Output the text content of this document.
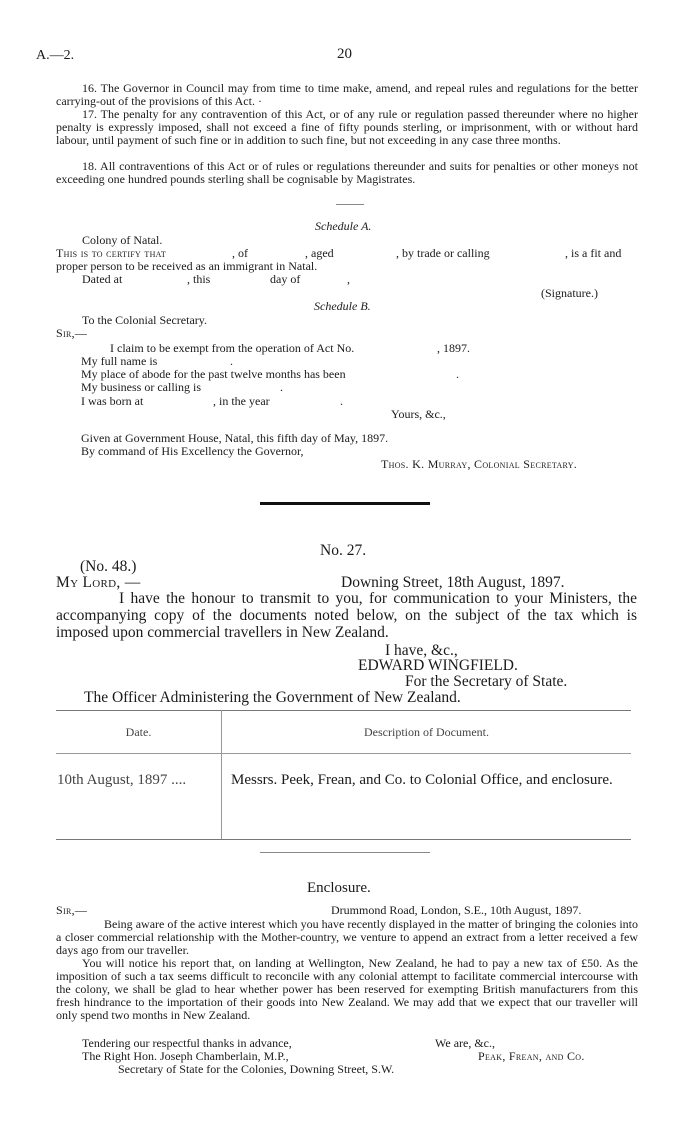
A.—2.	20

16. The Governor in Council may from time to time make, amend, and repeal rules and regulations for the better carrying-out of the provisions of this Act. ·

17. The penalty for any contravention of this Act, or of any rule or regulation passed thereunder where no higher penalty is expressly imposed, shall not exceed a fine of fifty pounds sterling, or imprisonment, with or without hard labour, until payment of such fine or in addition to such fine, but not exceeding in any case three months.

18. All contraventions of this Act or of rules or regulations thereunder and suits for penalties or other moneys not exceeding one hundred pounds sterling shall be cognisable by Magistrates.

Schedule A.
Colony of Natal.
This is to certify that	, of	, aged	, by trade or calling	, is a fit and
proper person to be received as an immigrant in Natal.
Dated at	, this	day of	,
(Signature.)
Schedule B.
To the Colonial Secretary.
Sir,—
I claim to be exempt from the operation of Act No.	, 1897.
My full name is	.
My place of abode for the past twelve months has been	.
My business or calling is	.
I was born at	, in the year	.
Yours, &c.,
Given at Government House, Natal, this fifth day of May, 1897.
By command of His Excellency the Governor,
Thos. K. Murray, Colonial Secretary.
No. 27.
(No. 48.)
My Lord, —	Downing Street, 18th August, 1897.

I have the honour to transmit to you, for communication to your Ministers, the accompanying copy of the documents noted below, on the subject of the tax which is imposed upon commercial travellers in New Zealand.

I have, &c.,
EDWARD WINGFIELD.
For the Secretary of State.
The Officer Administering the Government of New Zealand.
Date.	Description of Document.
10th August, 1897 ....	Messrs. Peek, Frean, and Co. to Colonial Office, and enclosure.
Enclosure.
Sir,—	Drummond Road, London, S.E., 10th August, 1897.

Being aware of the active interest which you have recently displayed in the matter of bringing the colonies into a closer commercial relationship with the Mother-country, we venture to append an extract from a letter received a few days ago from our traveller.

You will notice his report that, on landing at Wellington, New Zealand, he had to pay a new tax of £50. As the imposition of such a tax seems difficult to reconcile with any colonial attempt to facilitate commercial intercourse with the colony, we shall be glad to hear whether power has been reserved for exempting British manufacturers from this fresh hindrance to the importation of their goods into New Zealand. We may add that we expect that our traveller will only spend two months in New Zealand.

Tendering our respectful thanks in advance,	We are, &c.,
The Right Hon. Joseph Chamberlain, M.P.,	Peak, Frean, and Co.
Secretary of State for the Colonies, Downing Street, S.W.
